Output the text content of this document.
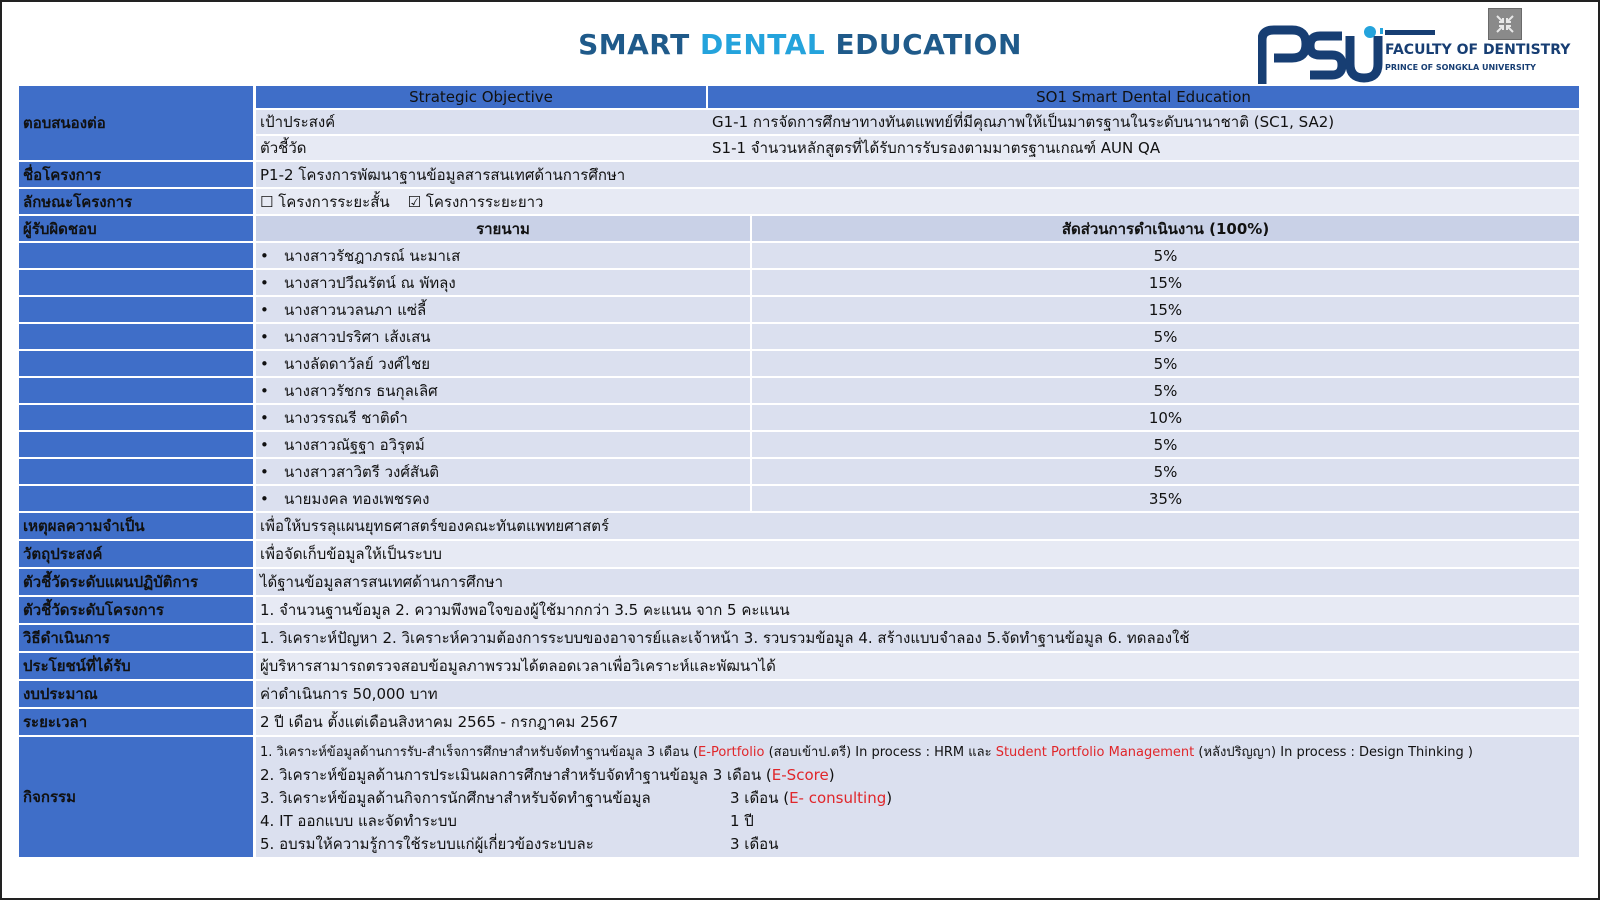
SMART DENTAL EDUCATION	FACULTY OF DENTISTRY
PRINCE OF SONGKLA UNIVERSITY
ตอบสนองต่อ	Strategic Objective	SO1 Smart Dental Education	
	เป้าประสงค์	G1-1 การจัดการศึกษาทางทันตแพทย์ที่มีคุณภาพให้เป็นมาตรฐานในระดับนานาชาติ (SC1, SA2)	
	ตัวชี้วัด	S1-1 จำนวนหลักสูตรที่ได้รับการรับรองตามมาตรฐานเกณฑ์ AUN QA	
ชื่อโครงการ	P1-2 โครงการพัฒนาฐานข้อมูลสารสนเทศด้านการศึกษา		
ลักษณะโครงการ	☐ โครงการระยะสั้น ☑ โครงการระยะยาว		
ผู้รับผิดชอบ	รายนาม		สัดส่วนการดำเนินงาน (100%)
	• นางสาวรัชฎาภรณ์ นะมาเส		5%
	• นางสาวปวีณรัตน์ ณ พัทลุง		15%
	• นางสาวนวลนภา แซ่ลี้		15%
	• นางสาวปรริศา เส้งเสน		5%
	• นางลัดดาวัลย์ วงศ์ไชย		5%
	• นางสาวรัชกร ธนกุลเลิศ		5%
	• นางวรรณรี ชาติดำ		10%
	• นางสาวณัฐฐา อวิรุตม์		5%
	• นางสาวสาวิตรี วงศ์สันติ		5%
	• นายมงคล ทองเพชรคง		35%
เหตุผลความจำเป็น	เพื่อให้บรรลุแผนยุทธศาสตร์ของคณะทันตแพทยศาสตร์		
วัตถุประสงค์	เพื่อจัดเก็บข้อมูลให้เป็นระบบ		
ตัวชี้วัดระดับแผนปฏิบัติการ	ได้ฐานข้อมูลสารสนเทศด้านการศึกษา		
ตัวชี้วัดระดับโครงการ	1. จำนวนฐานข้อมูล 2. ความพึงพอใจของผู้ใช้มากกว่า 3.5 คะแนน จาก 5 คะแนน		
วิธีดำเนินการ	1. วิเคราะห์ปัญหา 2. วิเคราะห์ความต้องการระบบของอาจารย์และเจ้าหน้า 3. รวบรวมข้อมูล 4. สร้างแบบจำลอง 5.จัดทำฐานข้อมูล 6. ทดลองใช้		
ประโยชน์ที่ได้รับ	ผู้บริหารสามารถตรวจสอบข้อมูลภาพรวมได้ตลอดเวลาเพื่อวิเคราะห์และพัฒนาได้		
งบประมาณ	ค่าดำเนินการ 50,000 บาท		
ระยะเวลา	2 ปี เดือน ตั้งแต่เดือนสิงหาคม 2565 - กรกฎาคม 2567		
กิจกรรม	1. วิเคราะห์ข้อมูลด้านการรับ-สำเร็จการศึกษาสำหรับจัดทำฐานข้อมูล 3 เดือน (E-Portfolio (สอบเข้าป.ตรี) In process : HRM และ Student Portfolio Management (หลังปริญญา) In process : Design Thinking )
2. วิเคราะห์ข้อมูลด้านการประเมินผลการศึกษาสำหรับจัดทำฐานข้อมูล 3 เดือน (E-Score)
3. วิเคราะห์ข้อมูลด้านกิจการนักศึกษาสำหรับจัดทำฐานข้อมูล 3 เดือน (E- consulting)
4. IT ออกแบบ และจัดทำระบบ 1 ปี
5. อบรมให้ความรู้การใช้ระบบแก่ผู้เกี่ยวข้องระบบละ 3 เดือน		
